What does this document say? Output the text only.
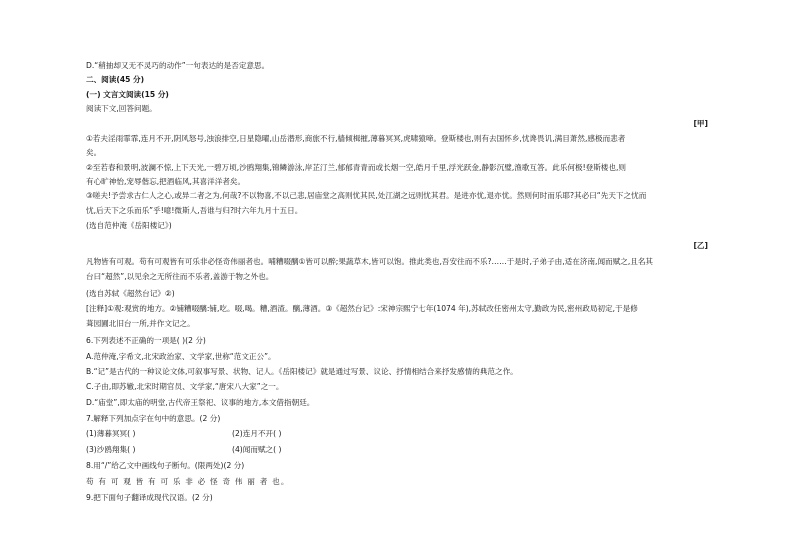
D.“稍抽却又无不灵巧的动作”一句表达的是否定意思。
二、阅读(45 分)
(一) 文言文阅读(15 分)
阅读下文,回答问题。
[甲]
①若夫淫雨霏霏,连月不开,阴风怒号,浊浪排空,日星隐曜,山岳潜形,商旅不行,樯倾楫摧,薄暮冥冥,虎啸猿啼。登斯楼也,则有去国怀乡,忧谗畏讥,满目萧然,感极而悲者
矣。
②至若春和景明,波澜不惊,上下天光,一碧万顷,沙鸥翔集,锦鳞游泳,岸芷汀兰,郁郁青青而或长烟一空,皓月千里,浮光跃金,静影沉璧,渔歌互答。此乐何极!登斯楼也,则
有心旷神怡,宠辱偕忘,把酒临风,其喜洋洋者矣。
③嗟夫!予尝求古仁人之心,或异二者之为,何哉?不以物喜,不以己悲,居庙堂之高则忧其民,处江湖之远则忧其君。是进亦忧,退亦忧。然则何时而乐耶?其必曰“先天下之忧而
忧,后天下之乐而乐”乎!噫!微斯人,吾谁与归?时六年九月十五日。
(选自范仲淹《岳阳楼记》)
[乙]
凡物皆有可观。苟有可观皆有可乐非必怪奇伟丽者也。哺糟啜醨①皆可以醉;果蔬草木,皆可以饱。推此类也,吾安往而不乐?……于是时,子弟子由,适在济南,闻而赋之,且名其
台曰“超然”,以见余之无所往而不乐者,盖游于物之外也。
(选自苏轼《超然台记》②)
[注释]①观:观赏的地方。②铺糟啜醨:铺,吃。啜,喝。糟,酒渣。醨,薄酒。③《超然台记》:宋神宗熙宁七年(1074 年),苏轼改任密州太守,勤政为民,密州政局初定,于是修
葺园圃北旧台一所,并作文记之。
6.下列表述不正确的一项是( )(2 分)
A.范仲淹,字希文,北宋政治家、文学家,世称“范文正公”。
B.“记”是古代的一种议论文体,可叙事写景、状物、记人。《岳阳楼记》就是通过写景、议论、抒情相结合来抒发感情的典范之作。
C.子由,即苏辙,北宋时期官员、文学家,“唐宋八大家”之一。
D.“庙堂”,即太庙的明堂,古代帝王祭祀、议事的地方,本文借指朝廷。
7.解释下列加点字在句中的意思。(2 分)
(1)薄暮冥冥( )	(2)连月不开( )
(3)沙鸥翔集( )	(4)闻而赋之( )
8.用“/”给乙文中画线句子断句。(限两处)(2 分)
苟 有 可 观 皆 有 可 乐 非 必 怪 奇 伟 丽 者 也。
9.把下面句子翻译成现代汉语。(2 分)
